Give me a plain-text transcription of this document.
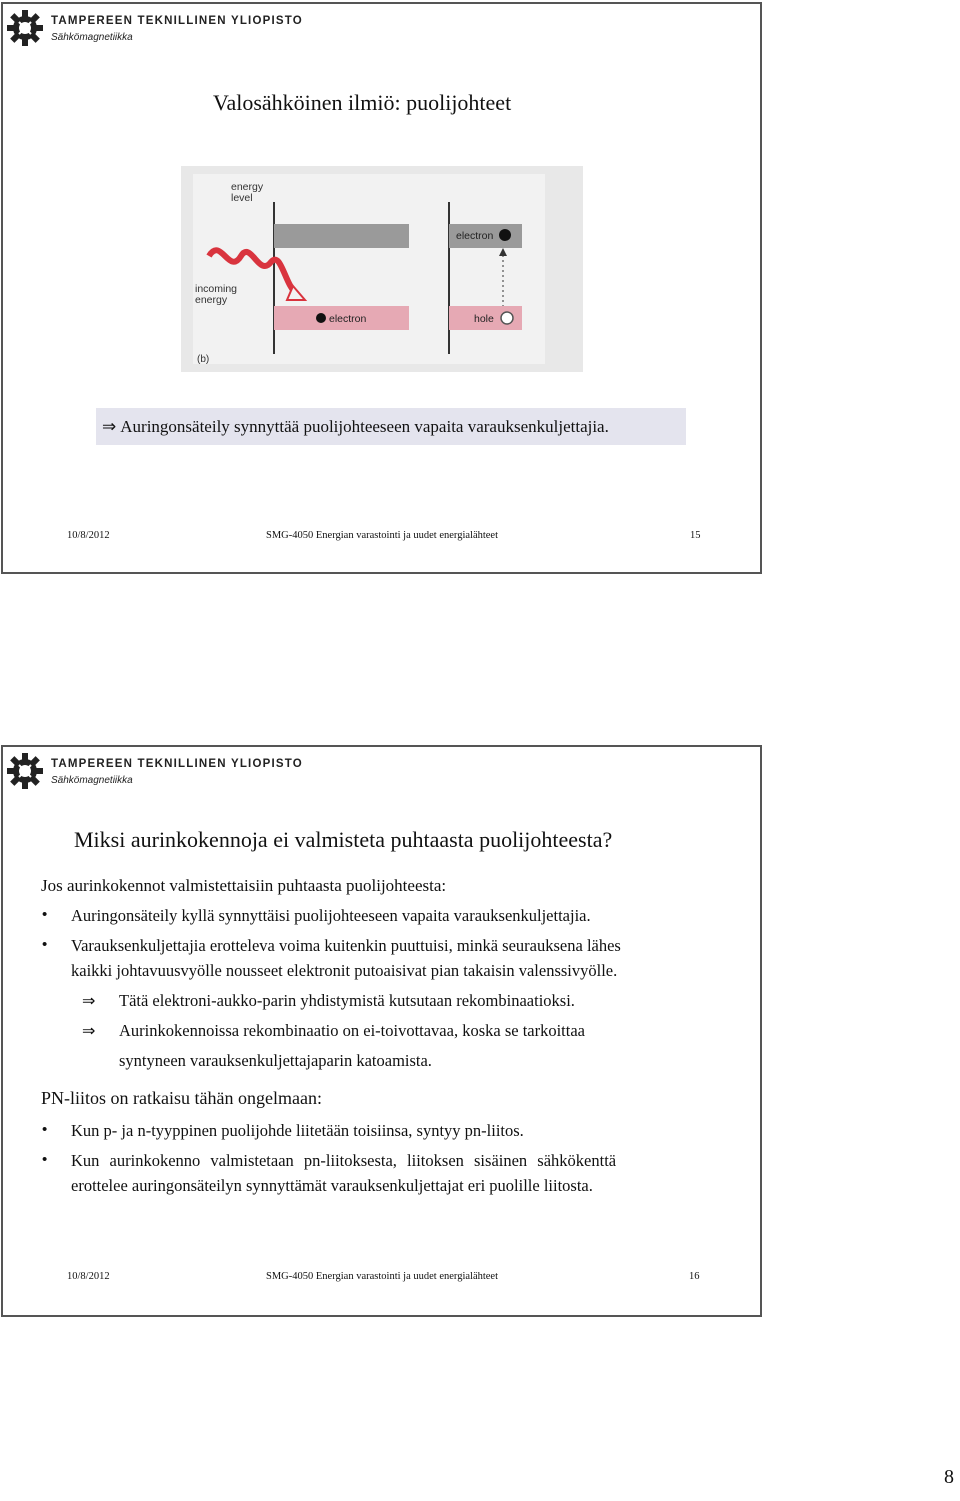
TAMPEREEN TEKNILLINEN YLIOPISTO
Sähkömagnetiikka
Valosähköinen ilmiö: puolijohteet
energy
level
incoming
energy
electron
electron	hole
(b)
⇒ Auringonsäteily synnyttää puolijohteeseen vapaita varauksenkuljettajia.
10/8/2012	SMG-4050 Energian varastointi ja uudet energialähteet	15
TAMPEREEN TEKNILLINEN YLIOPISTO
Sähkömagnetiikka
Miksi aurinkokennoja ei valmisteta puhtaasta puolijohteesta?
Jos aurinkokennot valmistettaisiin puhtaasta puolijohteesta:
• Auringonsäteily kyllä synnyttäisi puolijohteeseen vapaita varauksenkuljettajia.
• Varauksenkuljettajia erotteleva voima kuitenkin puuttuisi, minkä seurauksena lähes
kaikki johtavuusvyölle nousseet elektronit putoaisivat pian takaisin valenssivyölle.
⇒ Tätä elektroni-aukko-parin yhdistymistä kutsutaan rekombinaatioksi.
⇒ Aurinkokennoissa rekombinaatio on ei-toivottavaa, koska se tarkoittaa
syntyneen varauksenkuljettajaparin katoamista.
PN-liitos on ratkaisu tähän ongelmaan:
• Kun p- ja n-tyyppinen puolijohde liitetään toisiinsa, syntyy pn-liitos.
• Kun aurinkokenno valmistetaan pn-liitoksesta, liitoksen sisäinen sähkökenttä
erottelee auringonsäteilyn synnyttämät varauksenkuljettajat eri puolille liitosta.
10/8/2012	SMG-4050 Energian varastointi ja uudet energialähteet	16
8
